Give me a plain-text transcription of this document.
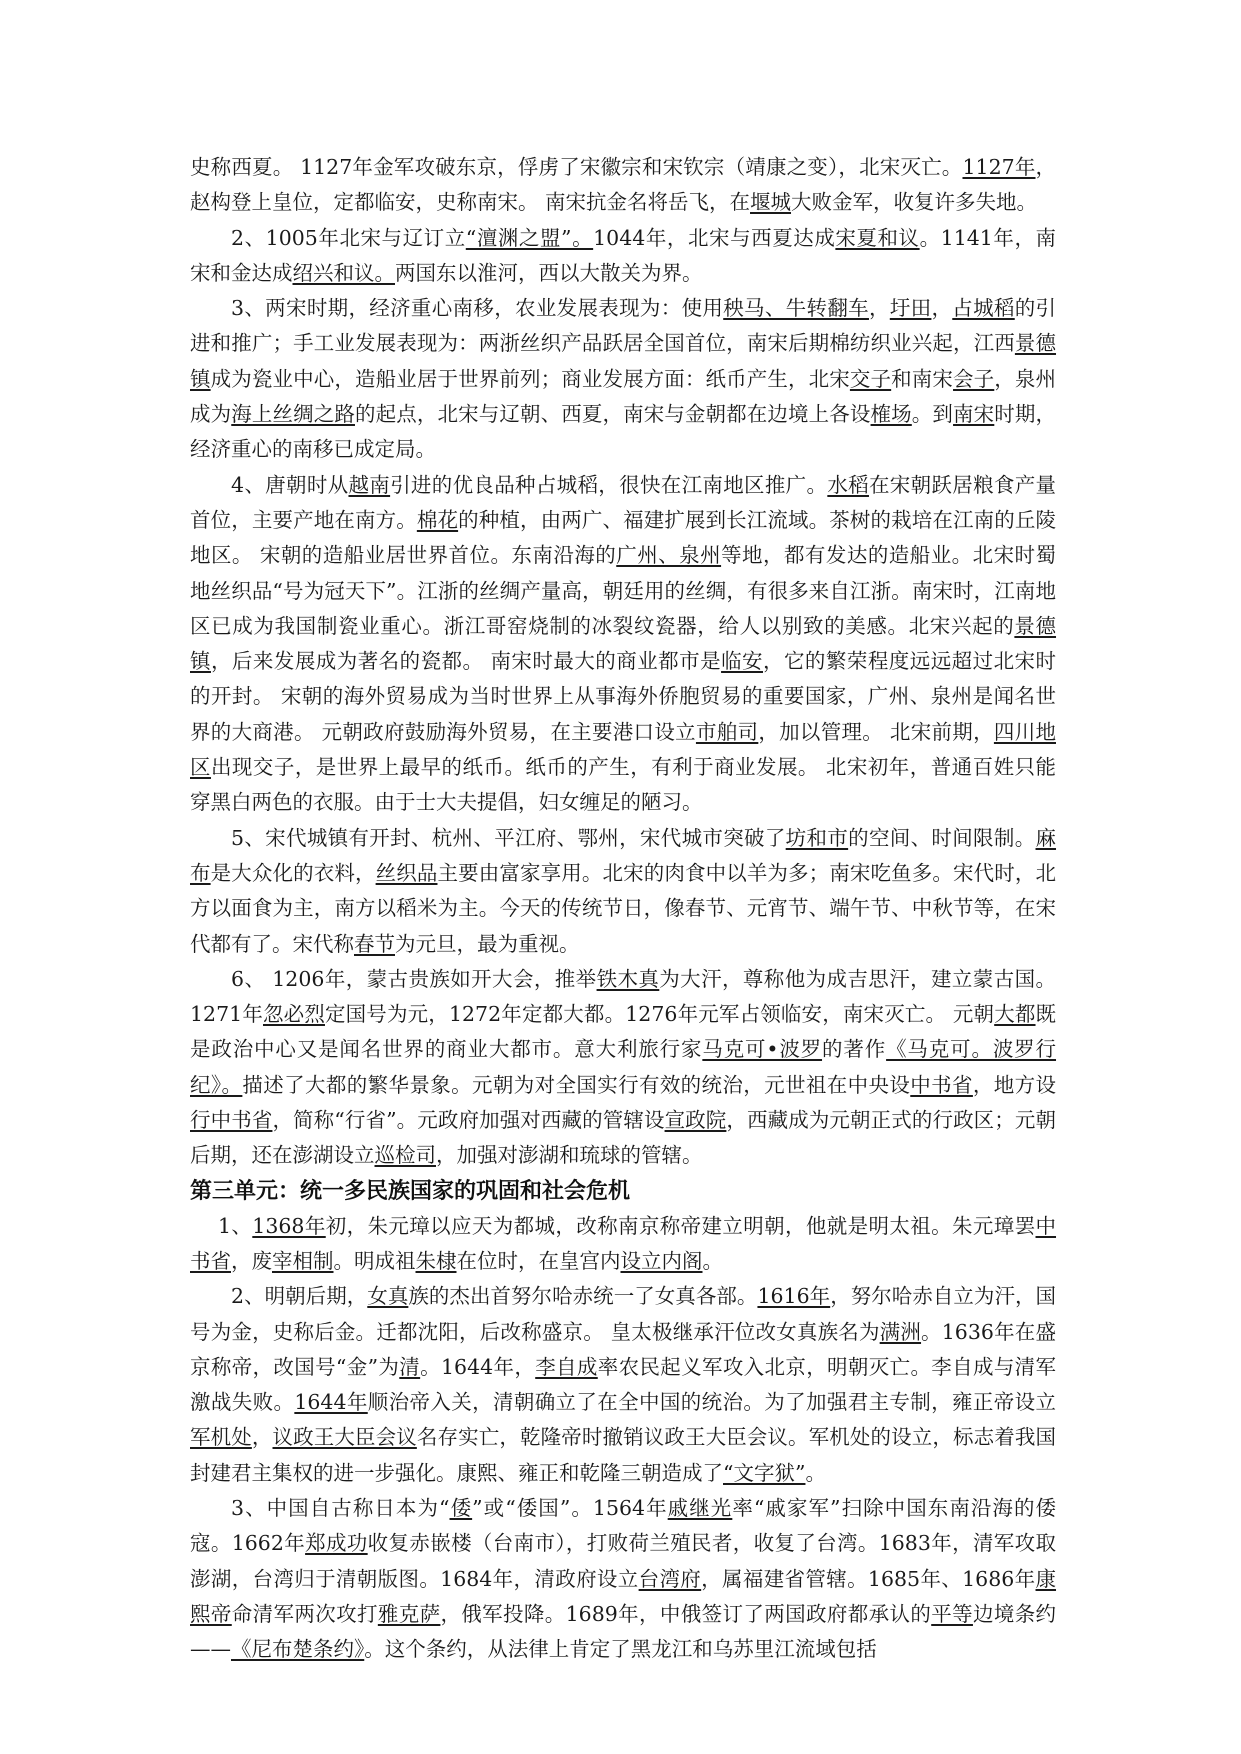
史称西夏。 1127年金军攻破东京，俘虏了宋徽宗和宋钦宗（靖康之变），北宋灭亡。1127年，赵构登上皇位，定都临安，史称南宋。 南宋抗金名将岳飞，在堰城大败金军，收复许多失地。

2、1005年北宋与辽订立“澶渊之盟”。1044年，北宋与西夏达成宋夏和议。1141年，南宋和金达成绍兴和议。两国东以淮河，西以大散关为界。

3、两宋时期，经济重心南移，农业发展表现为：使用秧马、牛转翻车，圩田，占城稻的引进和推广；手工业发展表现为：两浙丝织产品跃居全国首位，南宋后期棉纺织业兴起，江西景德镇成为瓷业中心，造船业居于世界前列；商业发展方面：纸币产生，北宋交子和南宋会子，泉州成为海上丝绸之路的起点，北宋与辽朝、西夏，南宋与金朝都在边境上各设榷场。到南宋时期，经济重心的南移已成定局。

4、唐朝时从越南引进的优良品种占城稻，很快在江南地区推广。水稻在宋朝跃居粮食产量首位，主要产地在南方。棉花的种植，由两广、福建扩展到长江流域。茶树的栽培在江南的丘陵地区。 宋朝的造船业居世界首位。东南沿海的广州、泉州等地，都有发达的造船业。北宋时蜀地丝织品“号为冠天下”。江浙的丝绸产量高，朝廷用的丝绸，有很多来自江浙。南宋时，江南地区已成为我国制瓷业重心。浙江哥窑烧制的冰裂纹瓷器，给人以别致的美感。北宋兴起的景德镇，后来发展成为著名的瓷都。 南宋时最大的商业都市是临安，它的繁荣程度远远超过北宋时的开封。 宋朝的海外贸易成为当时世界上从事海外侨胞贸易的重要国家，广州、泉州是闻名世界的大商港。 元朝政府鼓励海外贸易，在主要港口设立市舶司，加以管理。 北宋前期，四川地区出现交子，是世界上最早的纸币。纸币的产生，有利于商业发展。 北宋初年，普通百姓只能穿黑白两色的衣服。由于士大夫提倡，妇女缠足的陋习。

5、宋代城镇有开封、杭州、平江府、鄂州，宋代城市突破了坊和市的空间、时间限制。麻布是大众化的衣料，丝织品主要由富家享用。北宋的肉食中以羊为多；南宋吃鱼多。宋代时，北方以面食为主，南方以稻米为主。今天的传统节日，像春节、元宵节、端午节、中秋节等，在宋代都有了。宋代称春节为元旦，最为重视。

6、 1206年，蒙古贵族如开大会，推举铁木真为大汗，尊称他为成吉思汗，建立蒙古国。 1271年忽必烈定国号为元，1272年定都大都。1276年元军占领临安，南宋灭亡。 元朝大都既是政治中心又是闻名世界的商业大都市。意大利旅行家马克可•波罗的著作《马克可。波罗行纪》。描述了大都的繁华景象。元朝为对全国实行有效的统治，元世祖在中央设中书省，地方设行中书省，简称“行省”。元政府加强对西藏的管辖设宣政院，西藏成为元朝正式的行政区；元朝后期，还在澎湖设立巡检司，加强对澎湖和琉球的管辖。

第三单元：统一多民族国家的巩固和社会危机

1、1368年初，朱元璋以应天为都城，改称南京称帝建立明朝，他就是明太祖。朱元璋罢中书省，废宰相制。明成祖朱棣在位时，在皇宫内设立内阁。

2、明朝后期，女真族的杰出首努尔哈赤统一了女真各部。1616年，努尔哈赤自立为汗，国号为金，史称后金。迁都沈阳，后改称盛京。 皇太极继承汗位改女真族名为满洲。1636年在盛京称帝，改国号“金”为清。1644年，李自成率农民起义军攻入北京，明朝灭亡。李自成与清军激战失败。1644年顺治帝入关，清朝确立了在全中国的统治。为了加强君主专制，雍正帝设立军机处，议政王大臣会议名存实亡，乾隆帝时撤销议政王大臣会议。军机处的设立，标志着我国封建君主集权的进一步强化。康熙、雍正和乾隆三朝造成了“文字狱”。

3、中国自古称日本为“倭”或“倭国”。1564年戚继光率“戚家军”扫除中国东南沿海的倭寇。1662年郑成功收复赤嵌楼（台南市），打败荷兰殖民者，收复了台湾。1683年，清军攻取澎湖，台湾归于清朝版图。1684年，清政府设立台湾府，属福建省管辖。1685年、1686年康熙帝命清军两次攻打雅克萨，俄军投降。1689年，中俄签订了两国政府都承认的平等边境条约——《尼布楚条约》。这个条约，从法律上肯定了黑龙江和乌苏里江流域包括
